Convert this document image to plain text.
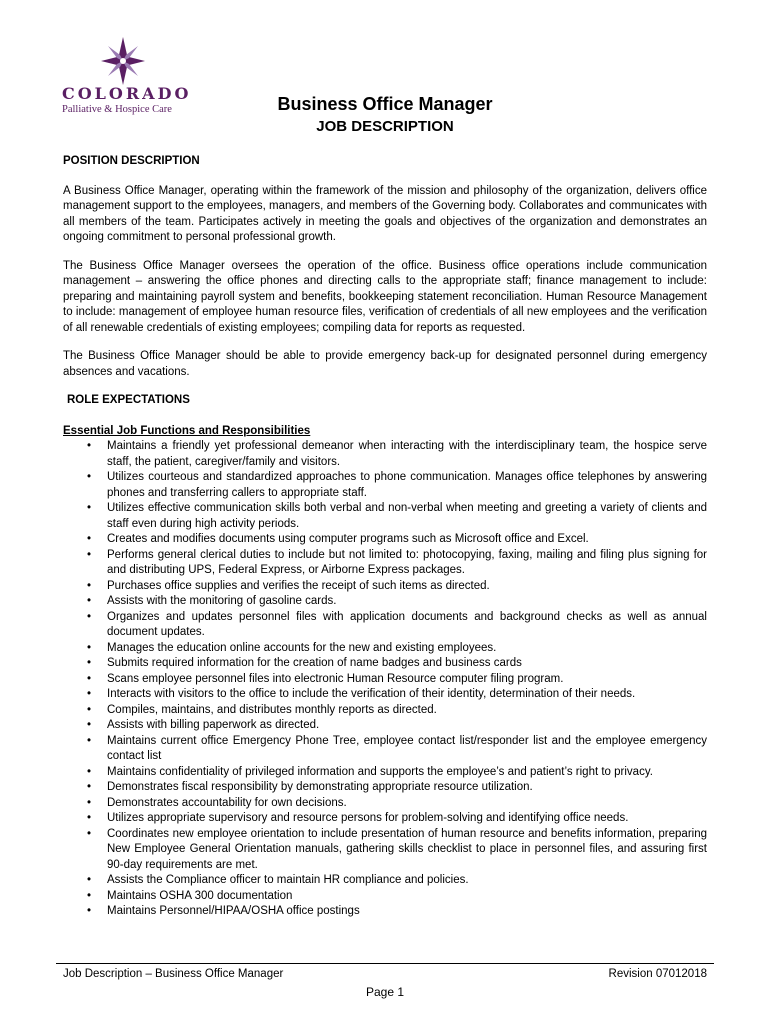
COLORADO
Palliative & Hospice Care	Business Office Manager
JOB DESCRIPTION
POSITION DESCRIPTION

A Business Office Manager, operating within the framework of the mission and philosophy of the organization, delivers office management support to the employees, managers, and members of the Governing body. Collaborates and communicates with all members of the team. Participates actively in meeting the goals and objectives of the organization and demonstrates an ongoing commitment to personal professional growth.

The Business Office Manager oversees the operation of the office. Business office operations include communication management – answering the office phones and directing calls to the appropriate staff; finance management to include: preparing and maintaining payroll system and benefits, bookkeeping statement reconciliation. Human Resource Management to include: management of employee human resource files, verification of credentials of all new employees and the verification of all renewable credentials of existing employees; compiling data for reports as requested.

The Business Office Manager should be able to provide emergency back-up for designated personnel during emergency absences and vacations.

ROLE EXPECTATIONS
Essential Job Functions and Responsibilities
• Maintains a friendly yet professional demeanor when interacting with the interdisciplinary team, the hospice serve staff, the patient, caregiver/family and visitors.
• Utilizes courteous and standardized approaches to phone communication. Manages office telephones by answering phones and transferring callers to appropriate staff.
• Utilizes effective communication skills both verbal and non-verbal when meeting and greeting a variety of clients and staff even during high activity periods.
• Creates and modifies documents using computer programs such as Microsoft office and Excel.
• Performs general clerical duties to include but not limited to: photocopying, faxing, mailing and filing plus signing for and distributing UPS, Federal Express, or Airborne Express packages.
• Purchases office supplies and verifies the receipt of such items as directed.
• Assists with the monitoring of gasoline cards.
• Organizes and updates personnel files with application documents and background checks as well as annual document updates.
• Manages the education online accounts for the new and existing employees.
• Submits required information for the creation of name badges and business cards
• Scans employee personnel files into electronic Human Resource computer filing program.
• Interacts with visitors to the office to include the verification of their identity, determination of their needs.
• Compiles, maintains, and distributes monthly reports as directed.
• Assists with billing paperwork as directed.
• Maintains current office Emergency Phone Tree, employee contact list/responder list and the employee emergency contact list
• Maintains confidentiality of privileged information and supports the employee’s and patient’s right to privacy.
• Demonstrates fiscal responsibility by demonstrating appropriate resource utilization.
• Demonstrates accountability for own decisions.
• Utilizes appropriate supervisory and resource persons for problem-solving and identifying office needs.
• Coordinates new employee orientation to include presentation of human resource and benefits information, preparing New Employee General Orientation manuals, gathering skills checklist to place in personnel files, and assuring first 90-day requirements are met.
• Assists the Compliance officer to maintain HR compliance and policies.
• Maintains OSHA 300 documentation
• Maintains Personnel/HIPAA/OSHA office postings
Job Description – Business Office Manager	Revision 07012018
Page 1
